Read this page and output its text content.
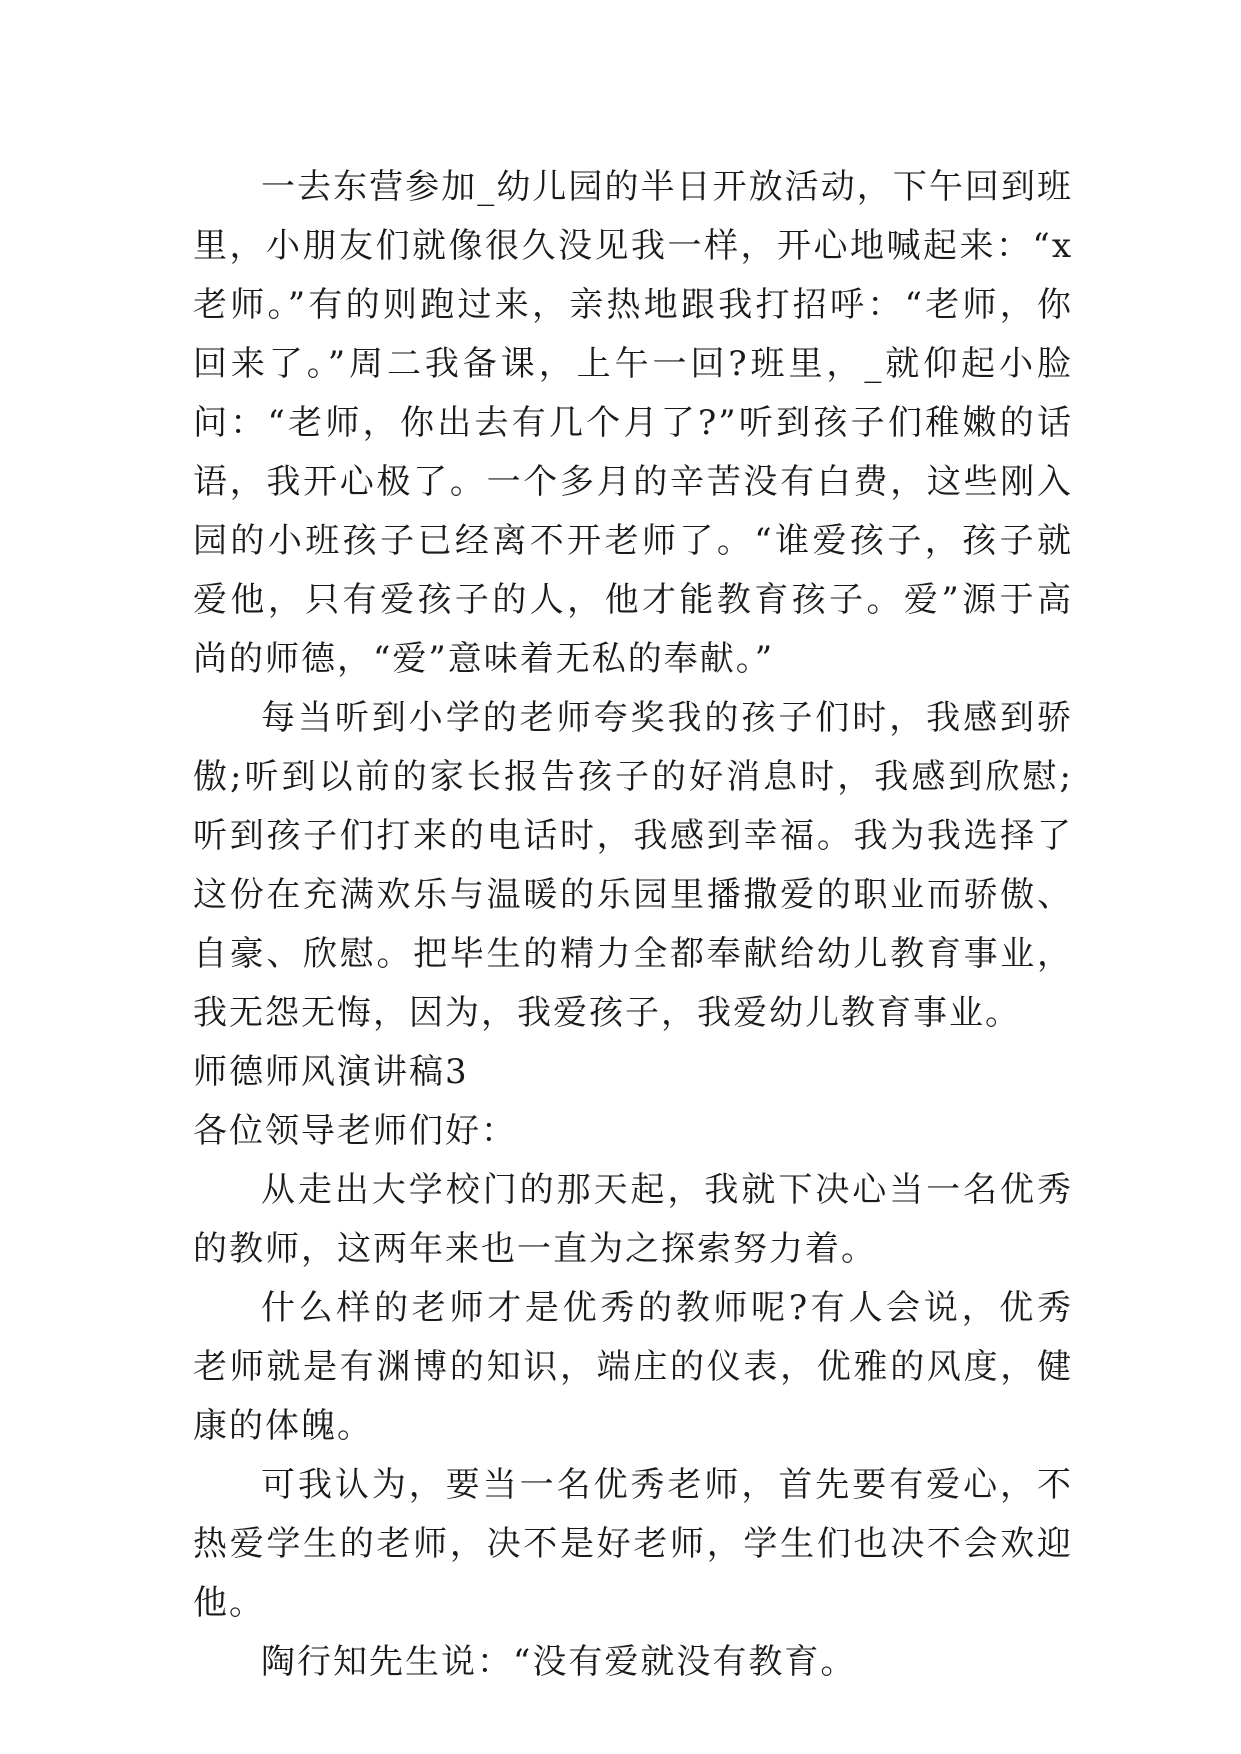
一去东营参加_幼儿园的半日开放活动，下午回到班里，小朋友们就像很久没见我一样，开心地喊起来：“x老师。”有的则跑过来，亲热地跟我打招呼：“老师，你回来了。”周二我备课，上午一回?班里，_就仰起小脸问：“老师，你出去有几个月了?”听到孩子们稚嫩的话语，我开心极了。一个多月的辛苦没有白费，这些刚入园的小班孩子已经离不开老师了。“谁爱孩子，孩子就爱他，只有爱孩子的人，他才能教育孩子。爱”源于高尚的师德，“爱”意味着无私的奉献。”

每当听到小学的老师夸奖我的孩子们时，我感到骄傲;听到以前的家长报告孩子的好消息时，我感到欣慰;听到孩子们打来的电话时，我感到幸福。我为我选择了这份在充满欢乐与温暖的乐园里播撒爱的职业而骄傲、自豪、欣慰。把毕生的精力全都奉献给幼儿教育事业，我无怨无悔，因为，我爱孩子，我爱幼儿教育事业。

师德师风演讲稿3

各位领导老师们好：

从走出大学校门的那天起，我就下决心当一名优秀的教师，这两年来也一直为之探索努力着。

什么样的老师才是优秀的教师呢?有人会说，优秀老师就是有渊博的知识，端庄的仪表，优雅的风度，健康的体魄。

可我认为，要当一名优秀老师，首先要有爱心，不热爱学生的老师，决不是好老师，学生们也决不会欢迎他。

陶行知先生说：“没有爱就没有教育。
